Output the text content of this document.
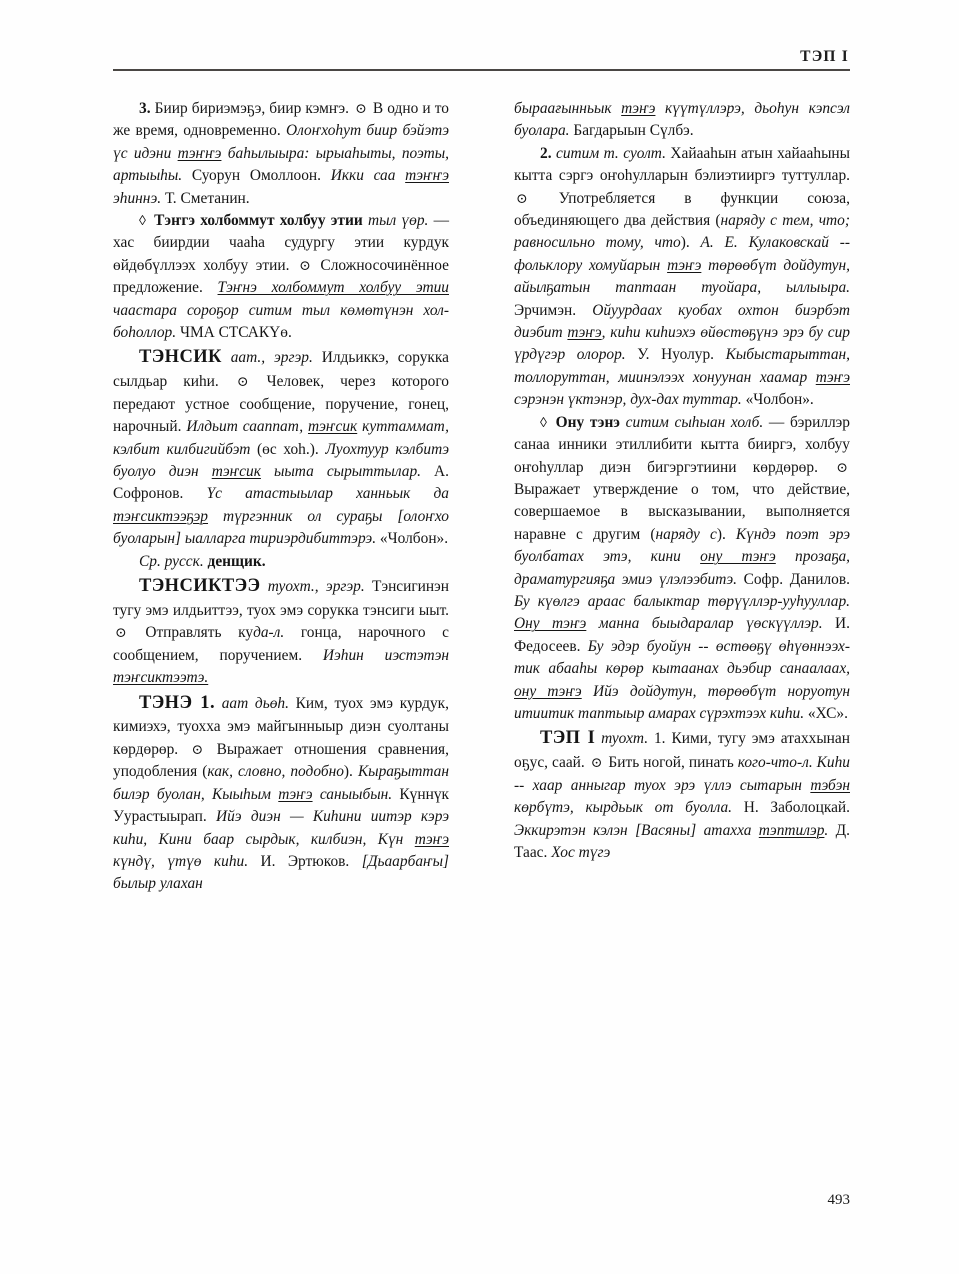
ТЭП I

3. Биир бириэмэҕэ, биир кэмҥэ. ⊙ В одно и то же время, одновременно. Олоҥхоһут биир бэйэтэ үс идэни тэҥҥэ баһылыыра: ырыаһыты, поэты, артыыһы. Суорун Омоллоон. Икки саа тэҥҥэ эһиннэ. Т. Сметанин.

◊ Тэҥгэ холбоммут холбуу этии тыл үөр. — хас биирдии чааһа судургу этии курдук өйдөбүллээх холбуу этии. ⊙ Сложносочинённое предложение. Тэҥнэ холбоммут холбуу этии чаастара сороҕор ситим тыл көмөтүнэн холбоһоллор. ЧМА СТСАКҮө.

ТЭНСИК аат., эргэр. Илдьиккэ, сорукка сылдьар киһи. ⊙ Человек, через которого передают устное сообщение, поручение, гонец, нарочный. Илдьит сааппат, тэҥсик куттаммат, кэлбит килбигийбэт (өс хоһ.). Луохтуур кэлбитэ буолуо диэн тэҥсик ыыта сырыттылар. А. Софронов. Үс атастыылар ханньык да тэҥсиктээҕэр түргэнник ол сураҕы [олоҥхо буоларын] ыалларга тириэрдибиттэрэ. «Чолбон».

Ср. русск. денщик.

ТЭНСИКТЭЭ туохт., эргэр. Тэнсигинэн тугу эмэ илдьиттээ, туох эмэ сорукка тэнсиги ыыт. ⊙ Отправлять куда-л. гонца, нарочного с сообщением, поручением. Иэһин иэстэтэн тэҥсиктээтэ.

ТЭНЭ 1. аат дьөһ. Ким, туох эмэ курдук, кимиэхэ, туохха эмэ майгынныыр диэн суолтаны көрдөрөр. ⊙ Выражает отношения сравнения, уподобления (как, словно, подобно). Кыраҕыттан билэр буолан, Кыыһым тэҥэ саныыбын. Күннүк Уурастыырап. Ийэ диэн — Киһини иитэр кэрэ киһи, Кини баар сырдык, килбиэн, Күн тэҥэ күндү, үтүө киһи. И. Эртюков. [Дьаарбаҥы] былыр улахан

быраағынньык тэҥэ күүтүллэрэ, дьоһун кэпсэл буолара. Багдарыын Сүлбэ.

2. ситим т. суолт. Хайааһын атын хайааһыны кытта сэргэ оҥоһулларын бэлиэтииргэ туттуллар. ⊙ Употребляется в функции союза, объединяющего два действия (наряду с тем, что; равносильно тому, что). А. Е. Кулаковскай -- фольклору хомуйарын тэҥэ төрөөбүт дойдутун, айылҕатын таптаан туойара, ыллыыра. Эрчимэн. Ойуурдаах куобах охтон биэрбэт диэбит тэҥэ, киһи киһиэхэ өйөстөҕүнэ эрэ бу сир үрдүгэр олорор. У. Нуолур. Кыбыстарыттан, толлоруттан, миинэлээх хонуунан хаамар тэҥэ сэрэнэн үктэнэр, дух-дах туттар. «Чолбон».

◊ Ону тэнэ ситим сыһыан холб. — бэриллэр санаа инники этиллибити кытта бииргэ, холбуу оҥоһуллар диэн бигэргэтиини көрдөрөр. ⊙ Выражает утверждение о том, что действие, совершаемое в высказывании, выполняется наравне с другим (наряду с). Күндэ поэт эрэ буолбатах этэ, кини ону тэҥэ прозаҕа, драматургияҕа эмиэ үлэлээбитэ. Софр. Данилов. Бу күөлгэ араас балыктар төрүүллэр-ууһууллар. Ону тэҥэ манна быыдаралар үөскүүллэр. И. Федосеев. Бу эдэр буойун -- өстөөҕү өһүөннээхтик абааһы көрөр кытаанах дьэбир санаалаах, ону тэҥэ Ийэ дойдутун, төрөөбүт норуотун итиитик таптыыр амарах сүрэхтээх киһи. «ХС».

ТЭП I туохт. 1. Кими, тугу эмэ атаххынан оҕус, саай. ⊙ Бить ногой, пинать кого-что-л. Киһи -- хаар анныгар туох эрэ үллэ сытарын тэбэн көрбүтэ, кырдьык от буолла. Н. Заболоцкай. Эккирэтэн кэлэн [Васяны] атахха тэптилэр. Д. Таас. Хос түгэ

493
